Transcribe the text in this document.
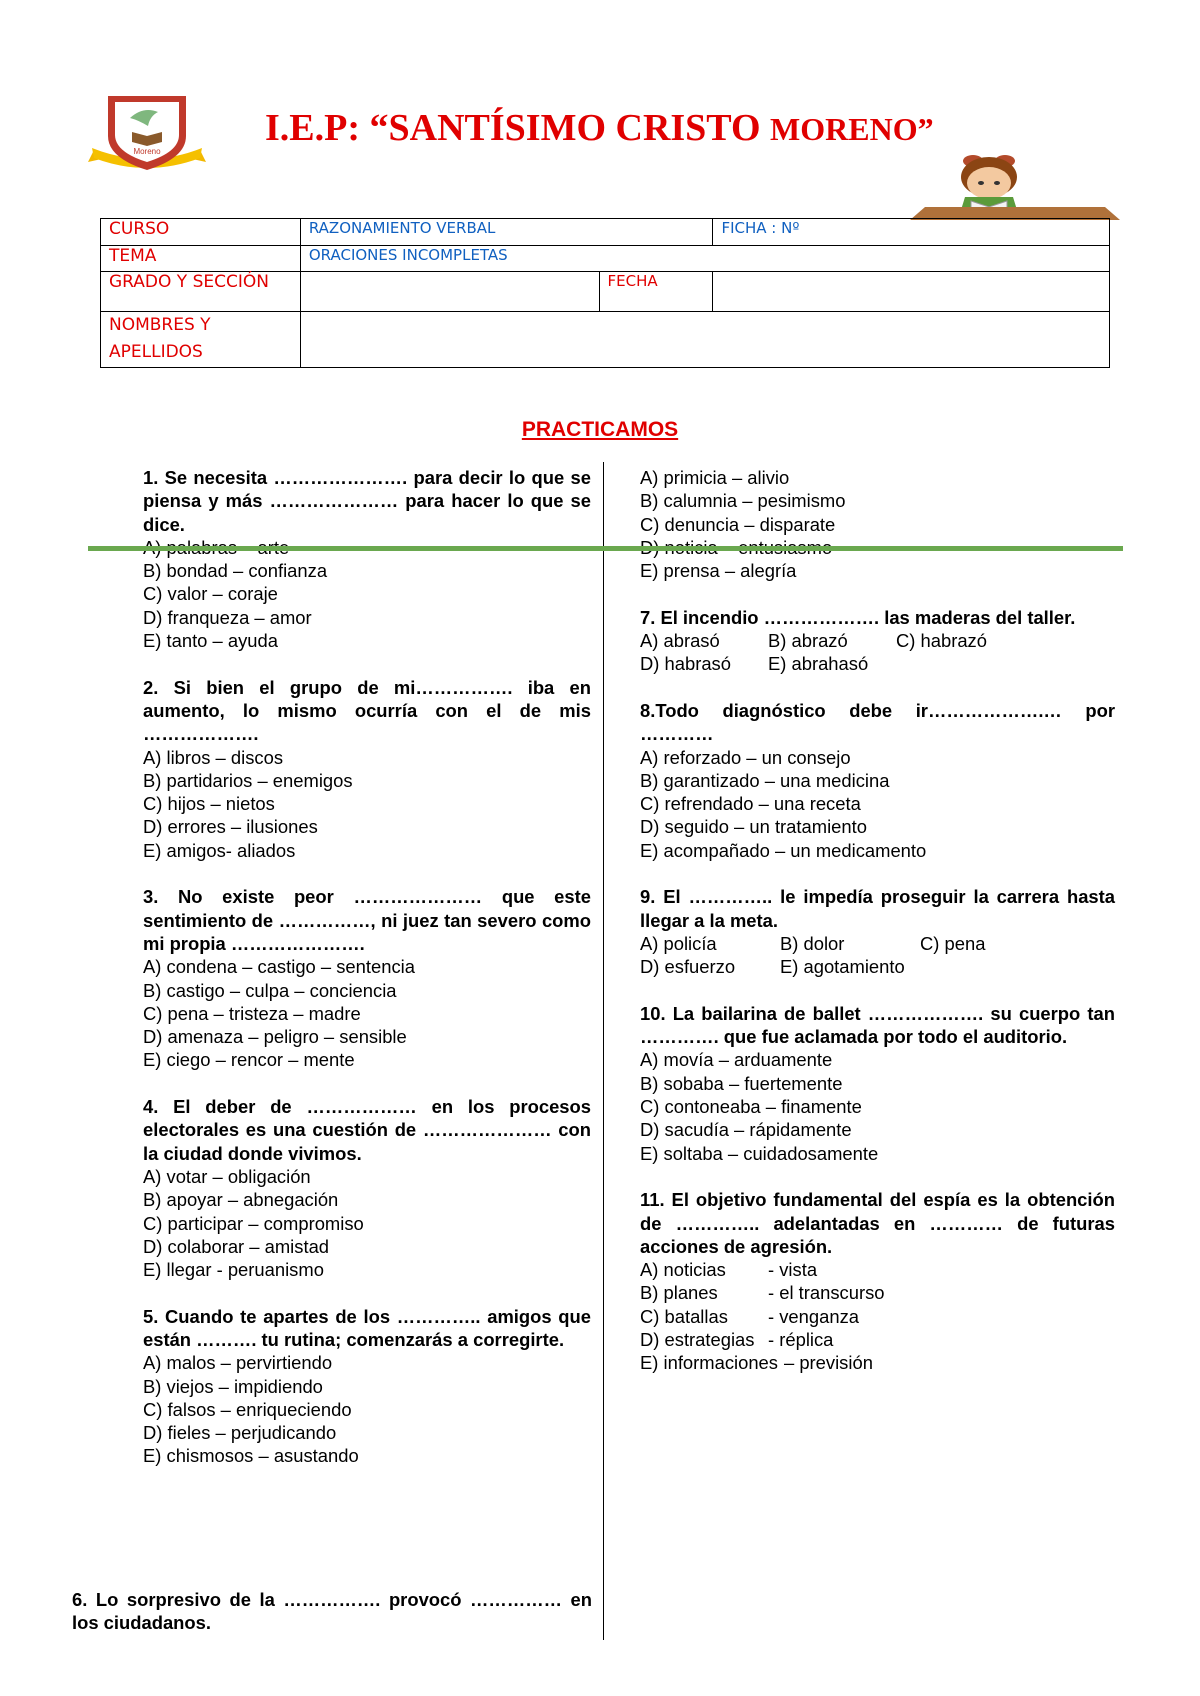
Moreno
I.E.P: “SANTÍSIMO CRISTO MORENO”
CURSO	RAZONAMIENTO VERBAL		FICHA : Nº
TEMA	ORACIONES INCOMPLETAS		
GRADO Y SECCIÓN		FECHA	
NOMBRES Y
APELLIDOS			
PRACTICAMOS
1. Se necesita …………………. para decir lo que se piensa y más ………………… para hacer lo que se dice.
B) bondad – confianza
C) valor – coraje
D) franqueza – amor
E) tanto – ayuda
2. Si bien el grupo de mi……………. iba en aumento, lo mismo ocurría con el de mis ……………….
A) libros – discos
B) partidarios – enemigos
C) hijos – nietos
D) errores – ilusiones
E) amigos- aliados
3. No existe peor ………………… que este sentimiento de ……………, ni juez tan severo como mi propia ………………….
A) condena – castigo – sentencia
B) castigo – culpa – conciencia
C) pena – tristeza – madre
D) amenaza – peligro – sensible
E) ciego – rencor – mente
4. El deber de ……………… en los procesos electorales es una cuestión de ………………… con la ciudad donde vivimos.
A) votar – obligación
B) apoyar – abnegación
C) participar – compromiso
D) colaborar – amistad
E) llegar - peruanismo
5. Cuando te apartes de los ………….. amigos que están ………. tu rutina; comenzarás a corregirte.
A) malos – pervirtiendo
B) viejos – impidiendo
C) falsos – enriqueciendo
D) fieles – perjudicando
E) chismosos – asustando
6. Lo sorpresivo de la ……………. provocó …………… en los ciudadanos.
A) primicia – alivio
B) calumnia – pesimismo
C) denuncia – disparate
E) prensa – alegría
7. El incendio ………………. las maderas del taller.
A) abrasó	B) abrazó	C) habrazó
D) habrasó E) abrahasó
8.Todo diagnóstico debe ir……………….… por …………
A) reforzado – un consejo
B) garantizado – una medicina
C) refrendado – una receta
D) seguido – un tratamiento
E) acompañado – un medicamento
9. El ………….. le impedía proseguir la carrera hasta llegar a la meta.
A) policía	B) dolor	C) pena
D) esfuerzo E) agotamiento
10. La bailarina de ballet ………………. su cuerpo tan …………. que fue aclamada por todo el auditorio.
A) movía – arduamente
B) sobaba – fuertemente
C) contoneaba – finamente
D) sacudía – rápidamente
E) soltaba – cuidadosamente
11. El objetivo fundamental del espía es la obtención de ………….. adelantadas en ………… de futuras acciones de agresión.
A) noticias - vista
B) planes	- el transcurso
C) batallas - venganza
D) estrategias - réplica
E) informaciones – previsión
